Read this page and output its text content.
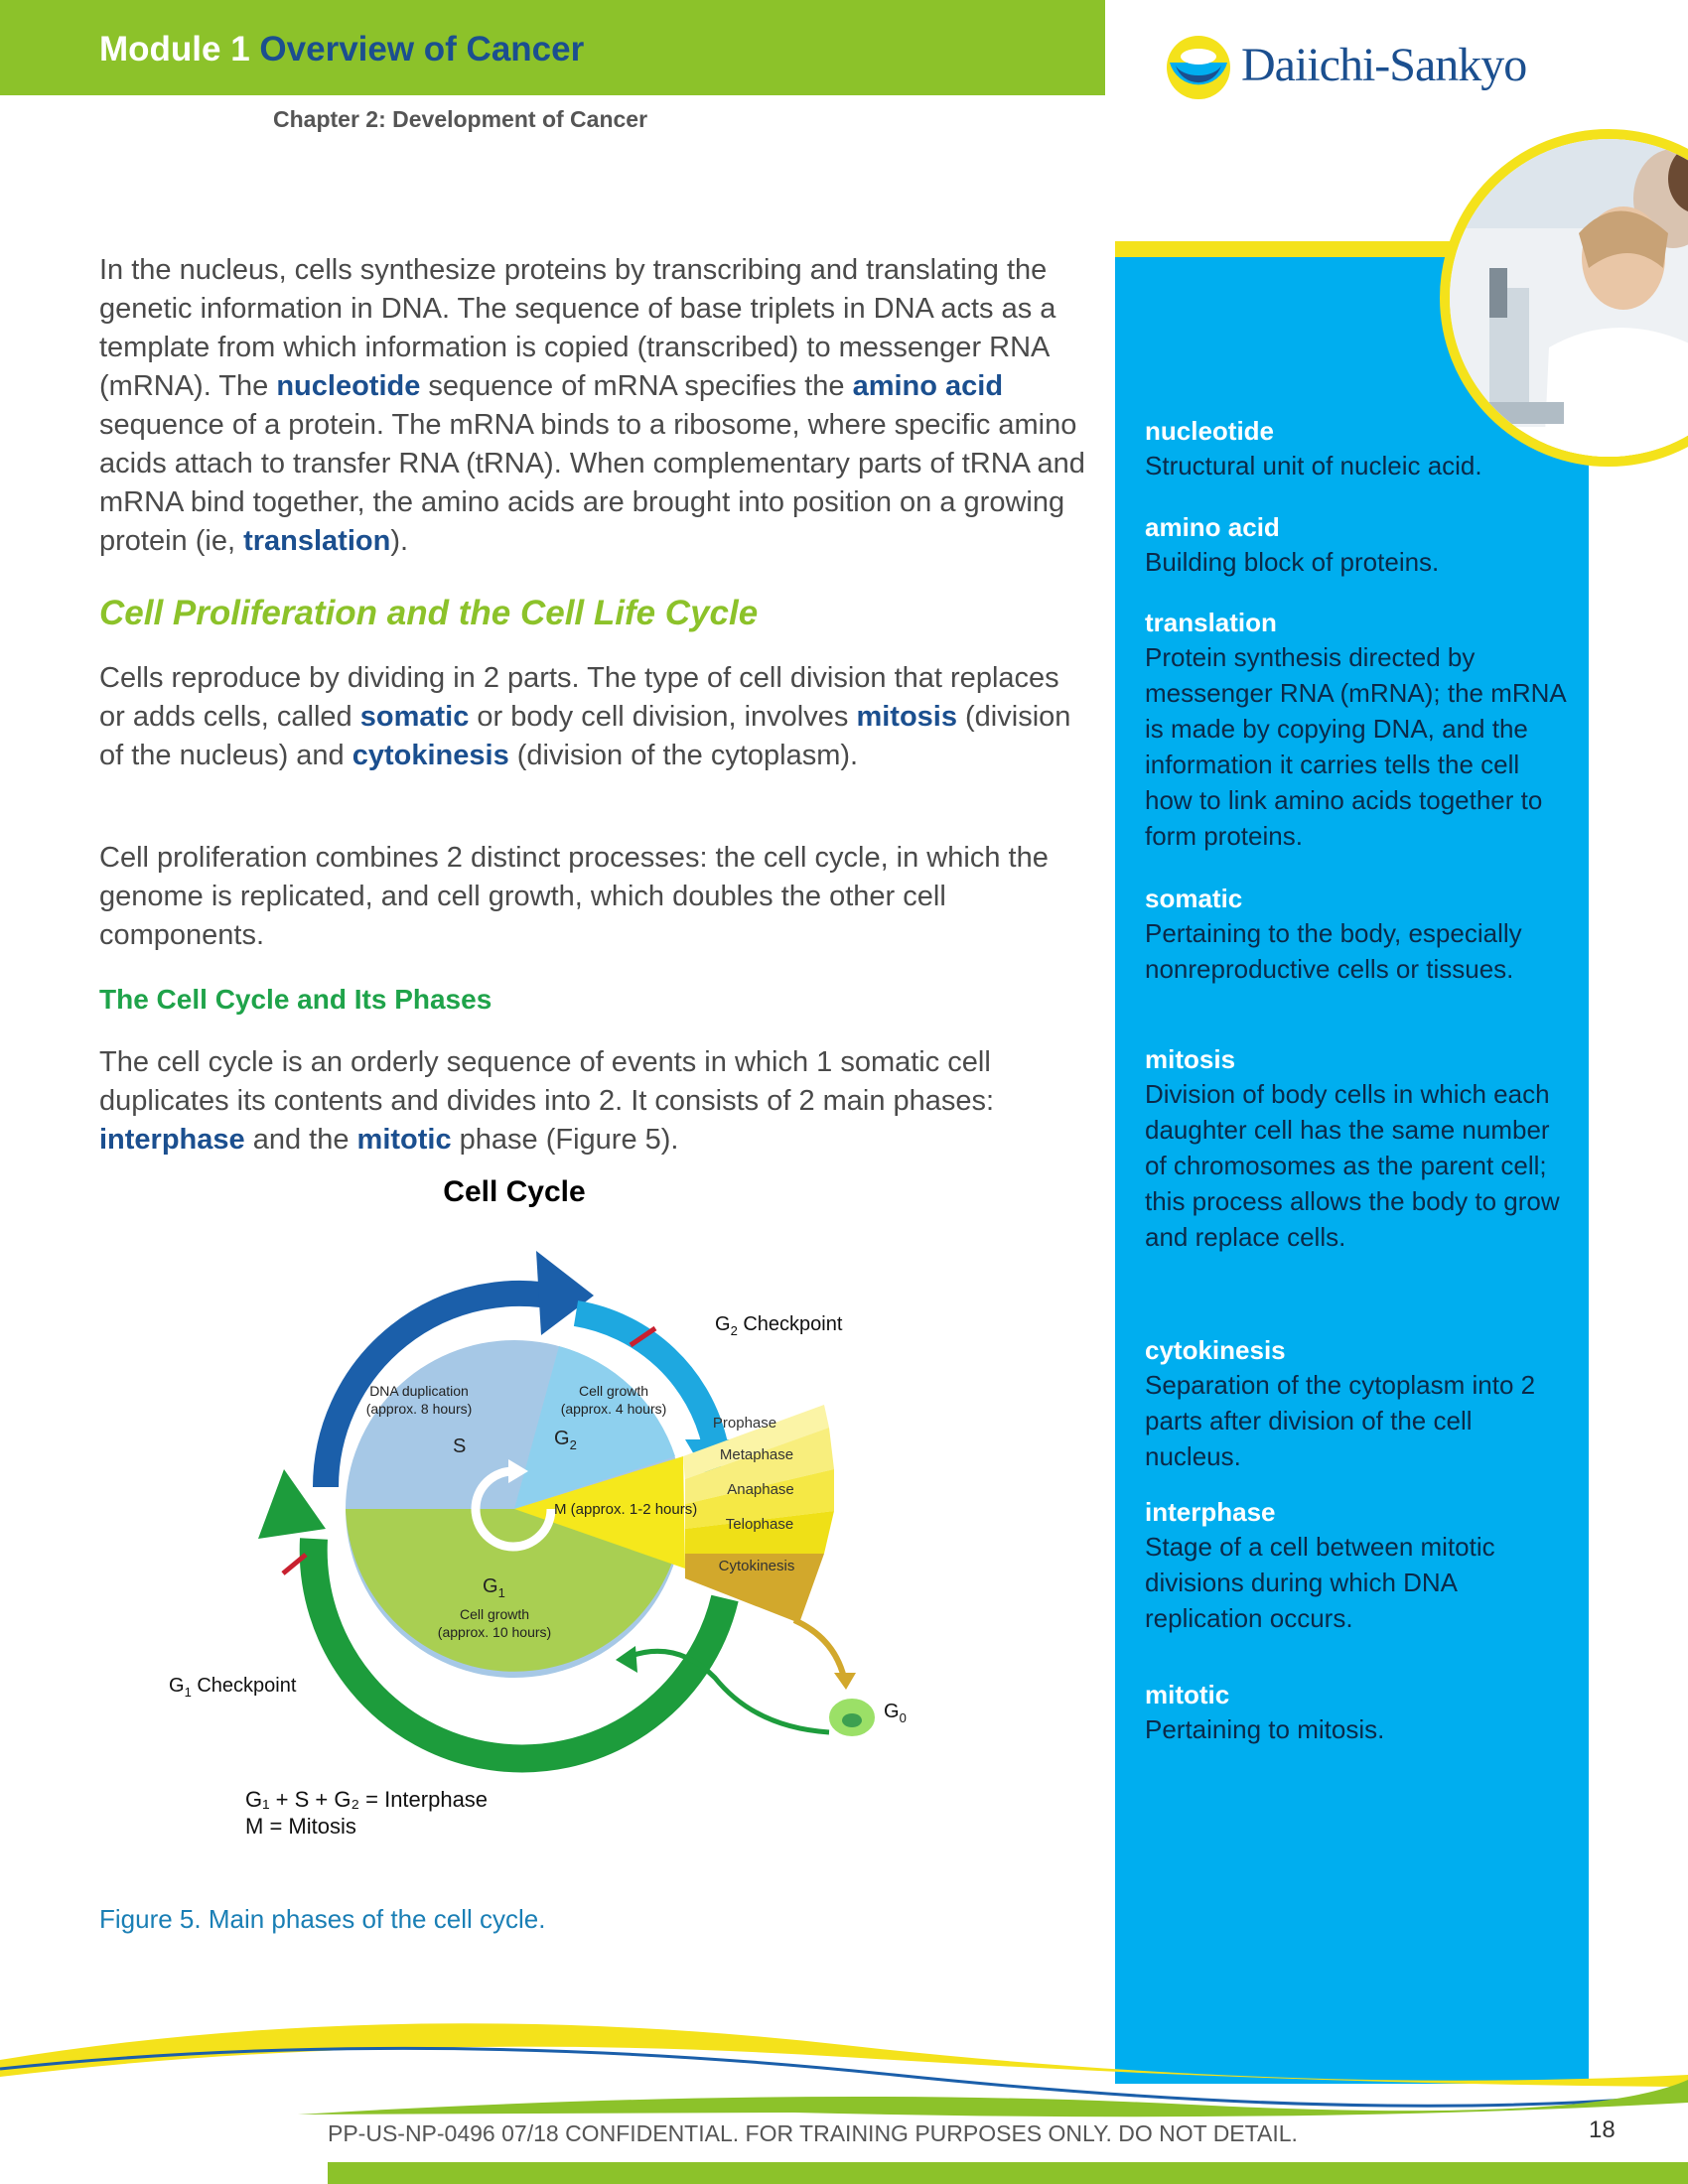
Module 1 Overview of Cancer
Chapter 2: Development of Cancer
Daiichi-Sankyo

In the nucleus, cells synthesize proteins by transcribing and translating the genetic information in DNA. The sequence of base triplets in DNA acts as a template from which information is copied (transcribed) to messenger RNA (mRNA). The nucleotide sequence of mRNA specifies the amino acid sequence of a protein. The mRNA binds to a ribosome, where specific amino acids attach to transfer RNA (tRNA). When complementary parts of tRNA and mRNA bind together, the amino acids are brought into position on a growing protein (ie, translation).

Cell Proliferation and the Cell Life Cycle

Cells reproduce by dividing in 2 parts. The type of cell division that replaces or adds cells, called somatic or body cell division, involves mitosis (division of the nucleus) and cytokinesis (division of the cytoplasm).

Cell proliferation combines 2 distinct processes: the cell cycle, in which the genome is replicated, and cell growth, which doubles the other cell components.

The Cell Cycle and Its Phases

The cell cycle is an orderly sequence of events in which 1 somatic cell duplicates its contents and divides into 2. It consists of 2 main phases: interphase and the mitotic phase (Figure 5).

Cell Cycle
Prophase
Metaphase
Anaphase
Telophase
Cytokinesis
DNA duplication
(approx. 8 hours)
Cell growth
(approx. 4 hours)
Cell growth
(approx. 10 hours)
S	$G_2$
$G_1$
M (approx. 1-2 hours)
$G_2$ Checkpoint
$G_1$ Checkpoint
$G_0$
G₁ + S + G₂ = Interphase
M = Mitosis
Figure 5. Main phases of the cell cycle.
nucleotide
Structural unit of nucleic acid.
amino acid
Building block of proteins.
translation
Protein synthesis directed by messenger RNA (mRNA); the mRNA is made by copying DNA, and the information it carries tells the cell how to link amino acids together to form proteins.
somatic
Pertaining to the body, especially nonreproductive cells or tissues.
mitosis
Division of body cells in which each daughter cell has the same number of chromosomes as the parent cell; this process allows the body to grow and replace cells.
cytokinesis
Separation of the cytoplasm into 2 parts after division of the cell nucleus.
interphase
Stage of a cell between mitotic divisions during which DNA replication occurs.
mitotic
Pertaining to mitosis.
PP-US-NP-0496 07/18 CONFIDENTIAL. FOR TRAINING PURPOSES ONLY. DO NOT DETAIL.	18
